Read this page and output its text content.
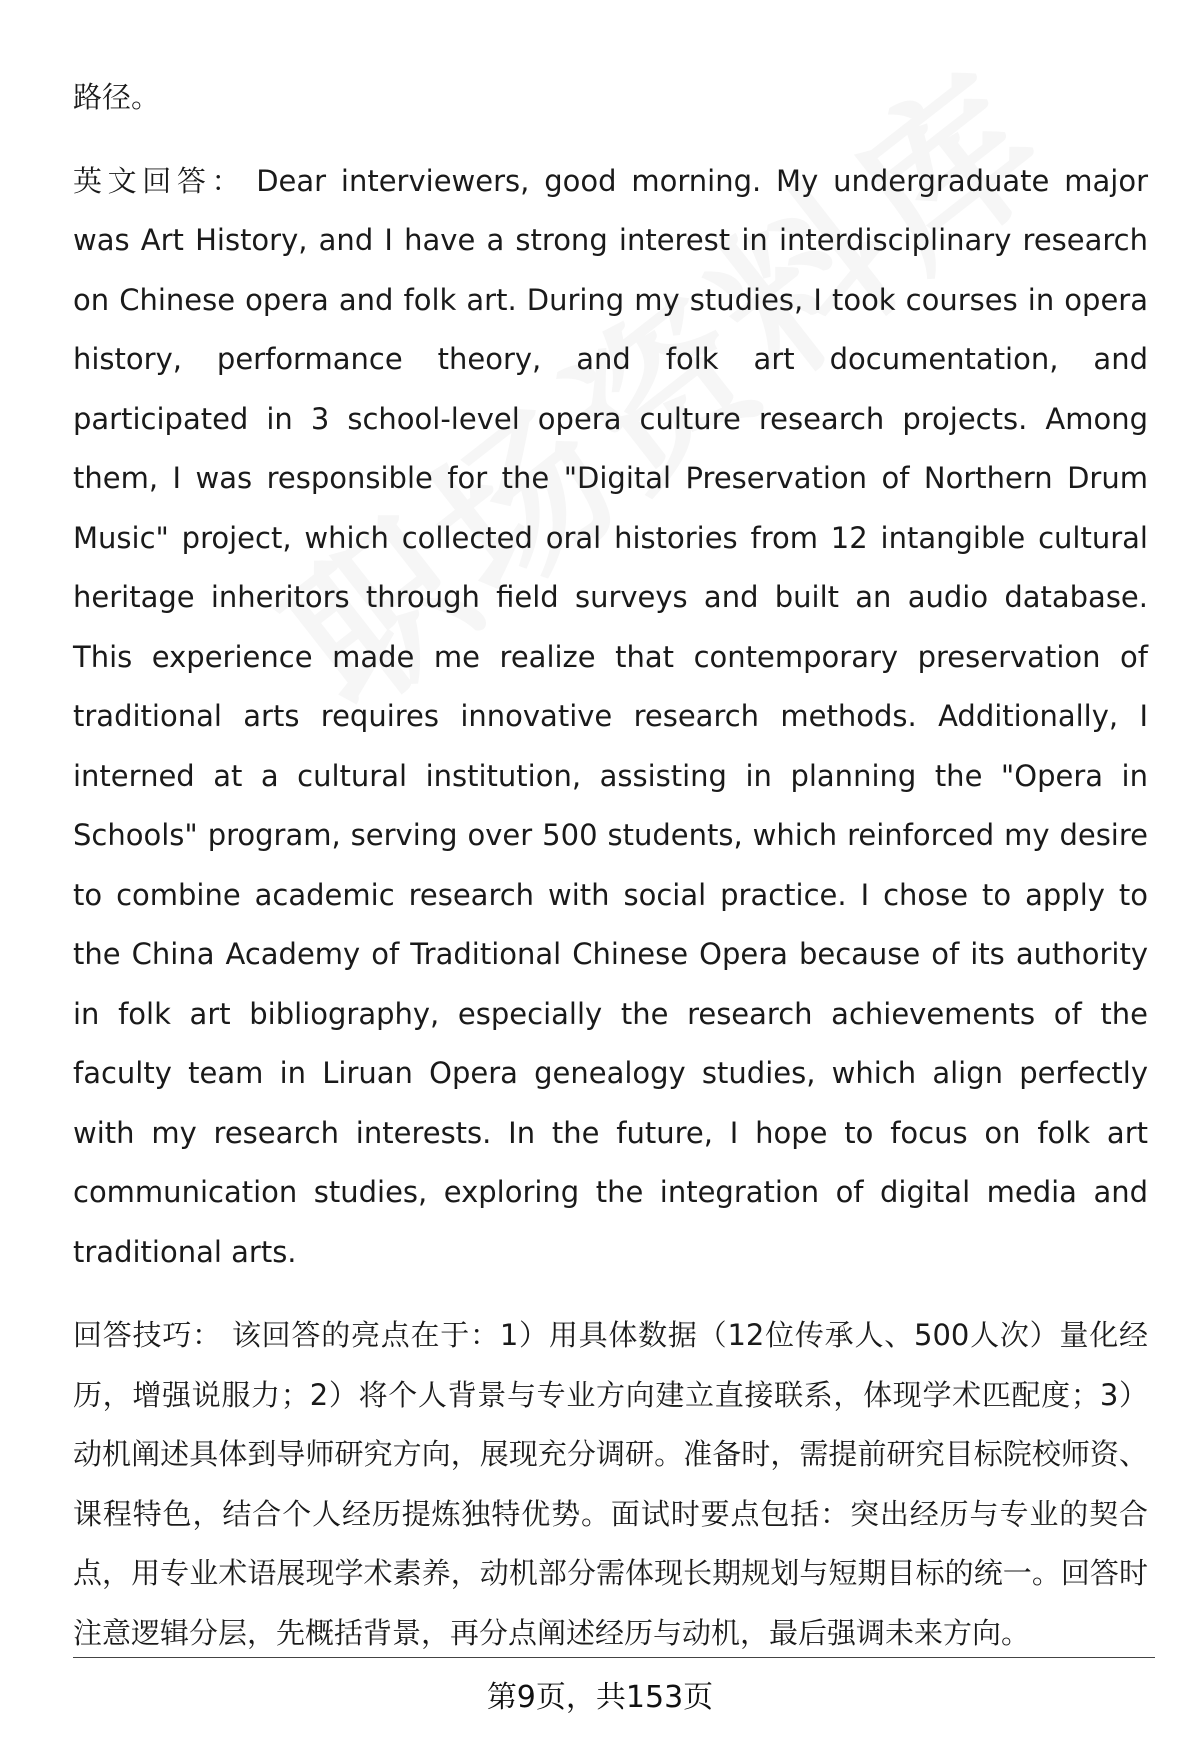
路径。

英文回答： Dear interviewers, good morning. My undergraduate major was Art History, and I have a strong interest in interdisciplinary research on Chinese opera and folk art. During my studies, I took courses in opera history, performance theory, and folk art documentation, and participated in 3 school-level opera culture research projects. Among them, I was responsible for the "Digital Preservation of Northern Drum Music" project, which collected oral histories from 12 intangible cultural heritage inheritors through field surveys and built an audio database. This experience made me realize that contemporary preservation of traditional arts requires innovative research methods. Additionally, I interned at a cultural institution, assisting in planning the "Opera in Schools" program, serving over 500 students, which reinforced my desire to combine academic research with social practice. I chose to apply to the China Academy of Traditional Chinese Opera because of its authority in folk art bibliography, especially the research achievements of the faculty team in Liruan Opera genealogy studies, which align perfectly with my research interests. In the future, I hope to focus on folk art communication studies, exploring the integration of digital media and traditional arts.

回答技巧： 该回答的亮点在于：1）用具体数据（12位传承人、500人次）量化经历，增强说服力；2）将个人背景与专业方向建立直接联系，体现学术匹配度；3）动机阐述具体到导师研究方向，展现充分调研。准备时，需提前研究目标院校师资、课程特色，结合个人经历提炼独特优势。面试时要点包括：突出经历与专业的契合点，用专业术语展现学术素养，动机部分需体现长期规划与短期目标的统一。回答时注意逻辑分层，先概括背景，再分点阐述经历与动机，最后强调未来方向。

第9页，共153页
